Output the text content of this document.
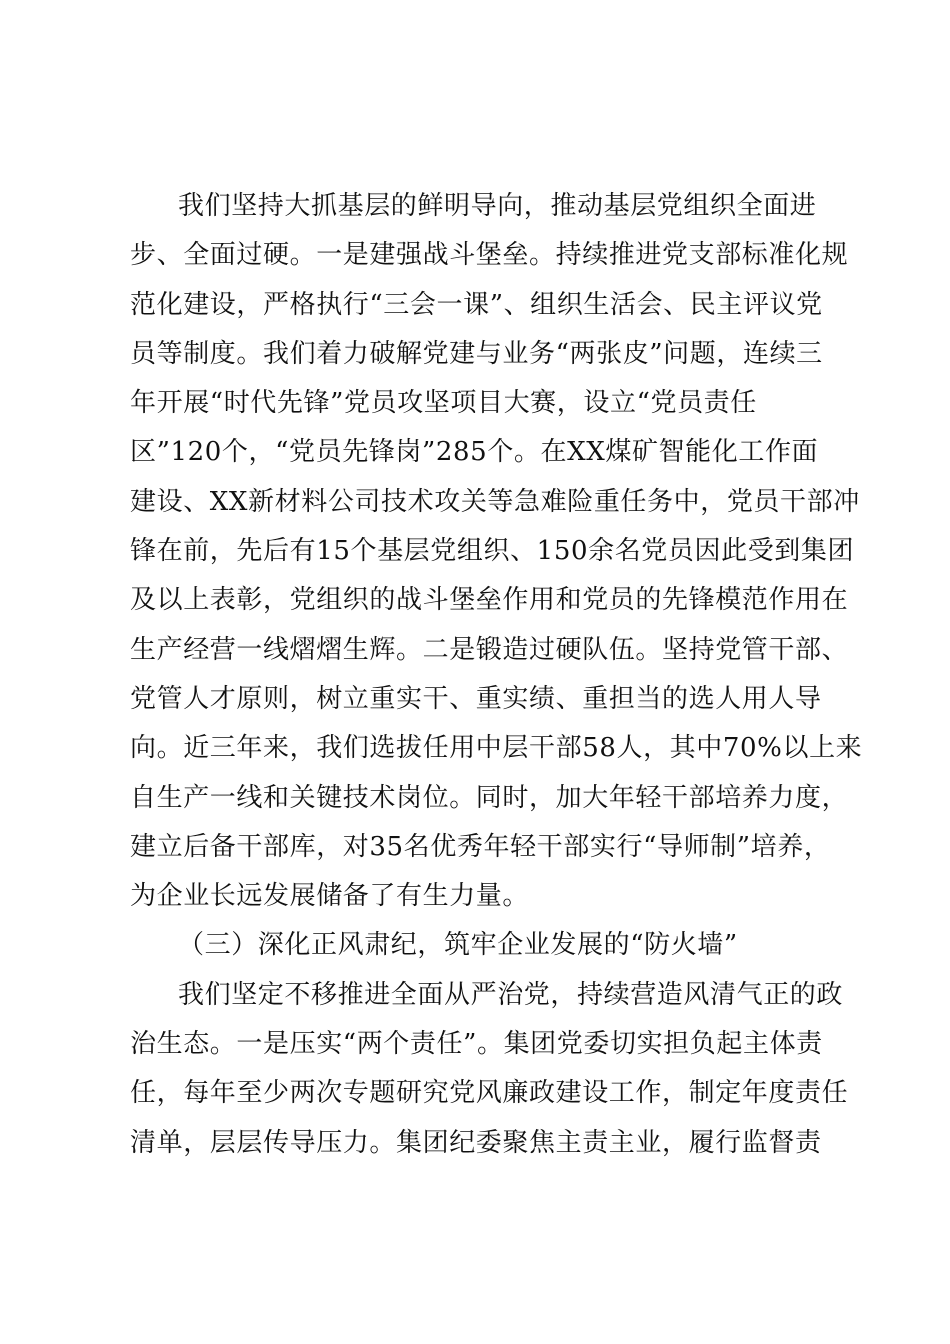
我们坚持大抓基层的鲜明导向，推动基层党组织全面进
步、全面过硬。一是建强战斗堡垒。持续推进党支部标准化规
范化建设，严格执行“三会一课”、组织生活会、民主评议党
员等制度。我们着力破解党建与业务“两张皮”问题，连续三
年开展“时代先锋”党员攻坚项目大赛，设立“党员责任
区”120个，“党员先锋岗”285个。在XX煤矿智能化工作面
建设、XX新材料公司技术攻关等急难险重任务中，党员干部冲
锋在前，先后有15个基层党组织、150余名党员因此受到集团
及以上表彰，党组织的战斗堡垒作用和党员的先锋模范作用在
生产经营一线熠熠生辉。二是锻造过硬队伍。坚持党管干部、
党管人才原则，树立重实干、重实绩、重担当的选人用人导
向。近三年来，我们选拔任用中层干部58人，其中70%以上来
自生产一线和关键技术岗位。同时，加大年轻干部培养力度，
建立后备干部库，对35名优秀年轻干部实行“导师制”培养，
为企业长远发展储备了有生力量。
（三）深化正风肃纪，筑牢企业发展的“防火墙”
我们坚定不移推进全面从严治党，持续营造风清气正的政
治生态。一是压实“两个责任”。集团党委切实担负起主体责
任，每年至少两次专题研究党风廉政建设工作，制定年度责任
清单，层层传导压力。集团纪委聚焦主责主业，履行监督责
